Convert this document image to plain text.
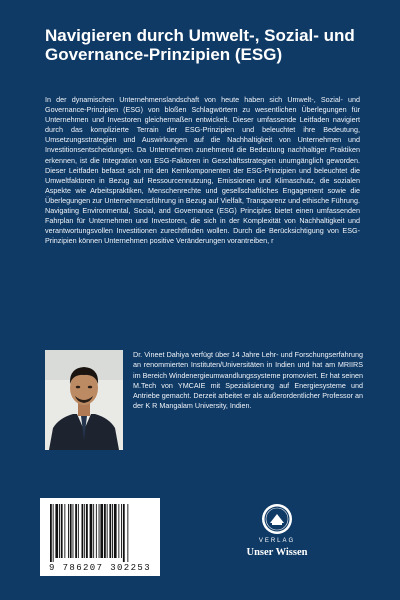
Navigieren durch Umwelt-, Sozial- und Governance-Prinzipien (ESG)

In der dynamischen Unternehmenslandschaft von heute haben sich Umwelt-, Sozial- und Governance-Prinzipien (ESG) von bloßen Schlagwörtern zu wesentlichen Überlegungen für Unternehmen und Investoren gleichermaßen entwickelt. Dieser umfassende Leitfaden navigiert durch das komplizierte Terrain der ESG-Prinzipien und beleuchtet ihre Bedeutung, Umsetzungsstrategien und Auswirkungen auf die Nachhaltigkeit von Unternehmen und Investitionsentscheidungen. Da Unternehmen zunehmend die Bedeutung nachhaltiger Praktiken erkennen, ist die Integration von ESG-Faktoren in Geschäftsstrategien unumgänglich geworden. Dieser Leitfaden befasst sich mit den Kernkomponenten der ESG-Prinzipien und beleuchtet die Umweltfaktoren in Bezug auf Ressourcennutzung, Emissionen und Klimaschutz, die sozialen Aspekte wie Arbeitspraktiken, Menschenrechte und gesellschaftliches Engagement sowie die Überlegungen zur Unternehmensführung in Bezug auf Vielfalt, Transparenz und ethische Führung. Navigating Environmental, Social, and Governance (ESG) Principles bietet einen umfassenden Fahrplan für Unternehmen und Investoren, die sich in der Komplexität von Nachhaltigkeit und verantwortungsvollen Investitionen zurechtfinden wollen. Durch die Berücksichtigung von ESG-Prinzipien können Unternehmen positive Veränderungen vorantreiben, r

Dr. Vineet Dahiya verfügt über 14 Jahre Lehr- und Forschungserfahrung an renommierten Instituten/Universitäten in Indien und hat am MRIIRS im Bereich Windenergieumwandlungssysteme promoviert. Er hat seinen M.Tech von YMCAIE mit Spezialisierung auf Energiesysteme und Antriebe gemacht. Derzeit arbeitet er als außerordentlicher Professor an der K R Mangalam University, Indien.

9 786207 302253
VERLAG
Unser Wissen
